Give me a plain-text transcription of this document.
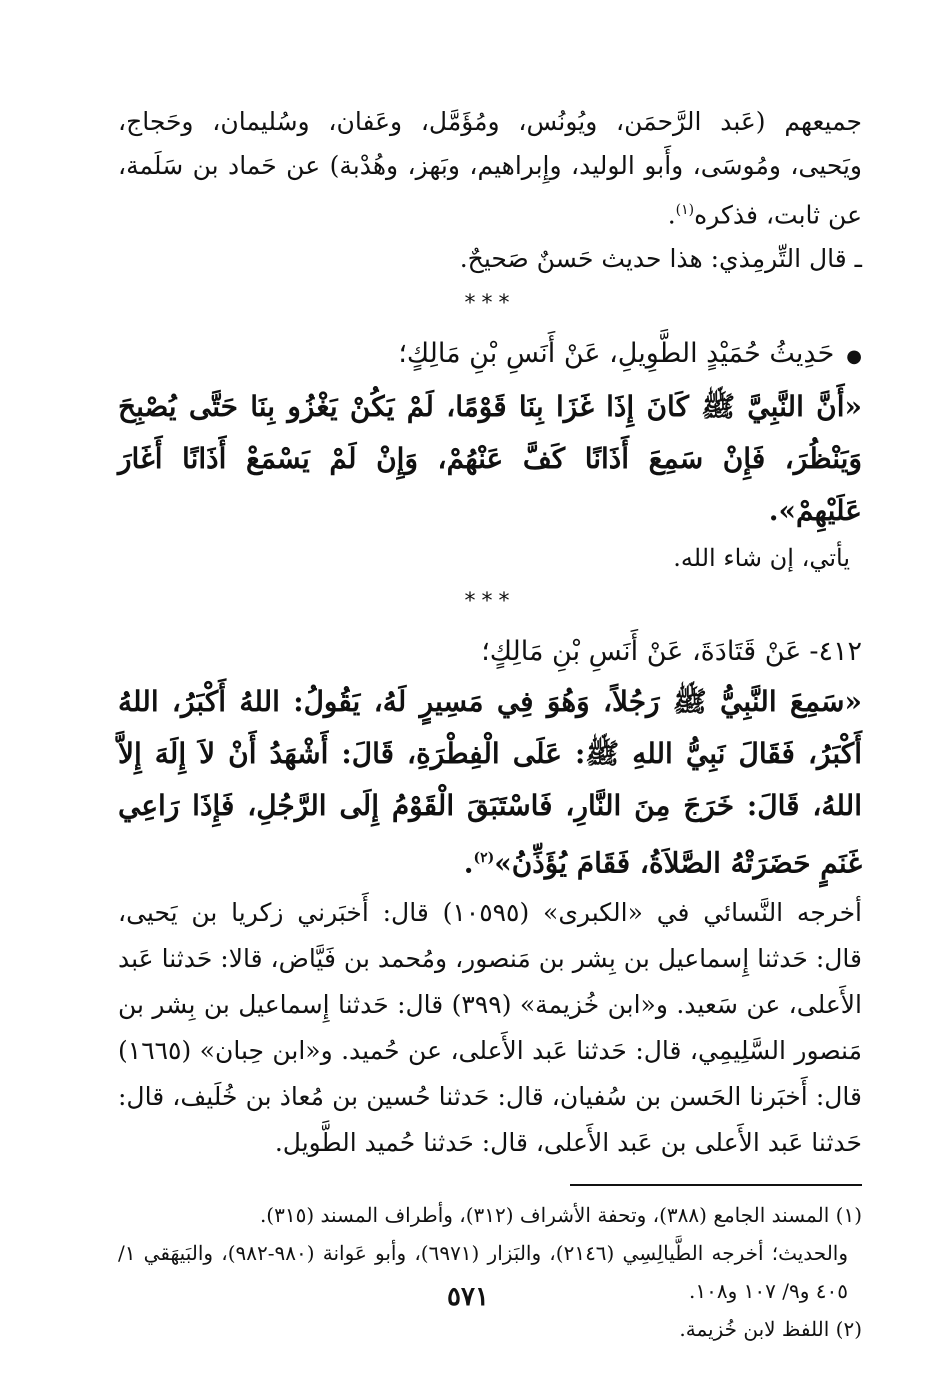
جميعهم (عَبد الرَّحمَن، ويُونُس، ومُؤَمَّل، وعَفان، وسُليمان، وحَجاج، ويَحيى، ومُوسَى، وأَبو الوليد، وإِبراهيم، وبَهز، وهُدْبة) عن حَماد بن سَلَمة، عن ثابت، فذكره$^{(١)}$.

ـ قال التِّرمِذي: هذا حديث حَسنٌ صَحيحٌ.

***

●حَدِيثُ حُمَيْدٍ الطَّوِيلِ، عَنْ أَنَسِ بْنِ مَالِكٍ؛

«أَنَّ النَّبِيَّ ﷺ كَانَ إِذَا غَزَا بِنَا قَوْمًا، لَمْ يَكُنْ يَغْزُو بِنَا حَتَّى يُصْبِحَ وَيَنْظُرَ، فَإِنْ سَمِعَ أَذَانًا كَفَّ عَنْهُمْ، وَإِنْ لَمْ يَسْمَعْ أَذَانًا أَغَارَ عَلَيْهِمْ».

يأتي، إن شاء الله.

***

٤١٢-عَنْ قَتَادَةَ، عَنْ أَنَسِ بْنِ مَالِكٍ؛

«سَمِعَ النَّبِيُّ ﷺ رَجُلاً، وَهُوَ فِي مَسِيرٍ لَهُ، يَقُولُ: اللهُ أَكْبَرُ، اللهُ أَكْبَرُ، فَقَالَ نَبِيُّ اللهِ ﷺ: عَلَى الْفِطْرَةِ، قَالَ: أَشْهَدُ أَنْ لاَ إِلَهَ إِلاَّ اللهُ، قَالَ: خَرَجَ مِنَ النَّارِ، فَاسْتَبَقَ الْقَوْمُ إِلَى الرَّجُلِ، فَإِذَا رَاعِي غَنَمٍ حَضَرَتْهُ الصَّلاَةُ، فَقَامَ يُؤَذِّنُ»$^{(٢)}$.

أخرجه النَّسائي في «الكبرى» (١٠٥٩٥) قال: أَخبَرني زكريا بن يَحيى، قال: حَدثنا إِسماعيل بن بِشر بن مَنصور، ومُحمد بن فَيَّاض، قالا: حَدثنا عَبد الأَعلى، عن سَعيد. و«ابن خُزيمة» (٣٩٩) قال: حَدثنا إِسماعيل بن بِشر بن مَنصور السَّلِيمِي، قال: حَدثنا عَبد الأَعلى، عن حُميد. و«ابن حِبان» (١٦٦٥) قال: أَخبَرنا الحَسن بن سُفيان، قال: حَدثنا حُسين بن مُعاذ بن خُلَيف، قال: حَدثنا عَبد الأَعلى بن عَبد الأَعلى، قال: حَدثنا حُميد الطَّويل.

(١) المسند الجامع (٣٨٨)، وتحفة الأشراف (٣١٢)، وأطراف المسند (٣١٥).

والحديث؛ أخرجه الطَّيالِسِي (٢١٤٦)، والبَزار (٦٩٧١)، وأبو عَوانة (٩٨٠-٩٨٢)، والبَيهَقي ١/ ٤٠٥ و٩/ ١٠٧ و١٠٨.

(٢) اللفظ لابن خُزيمة.

٥٧١
